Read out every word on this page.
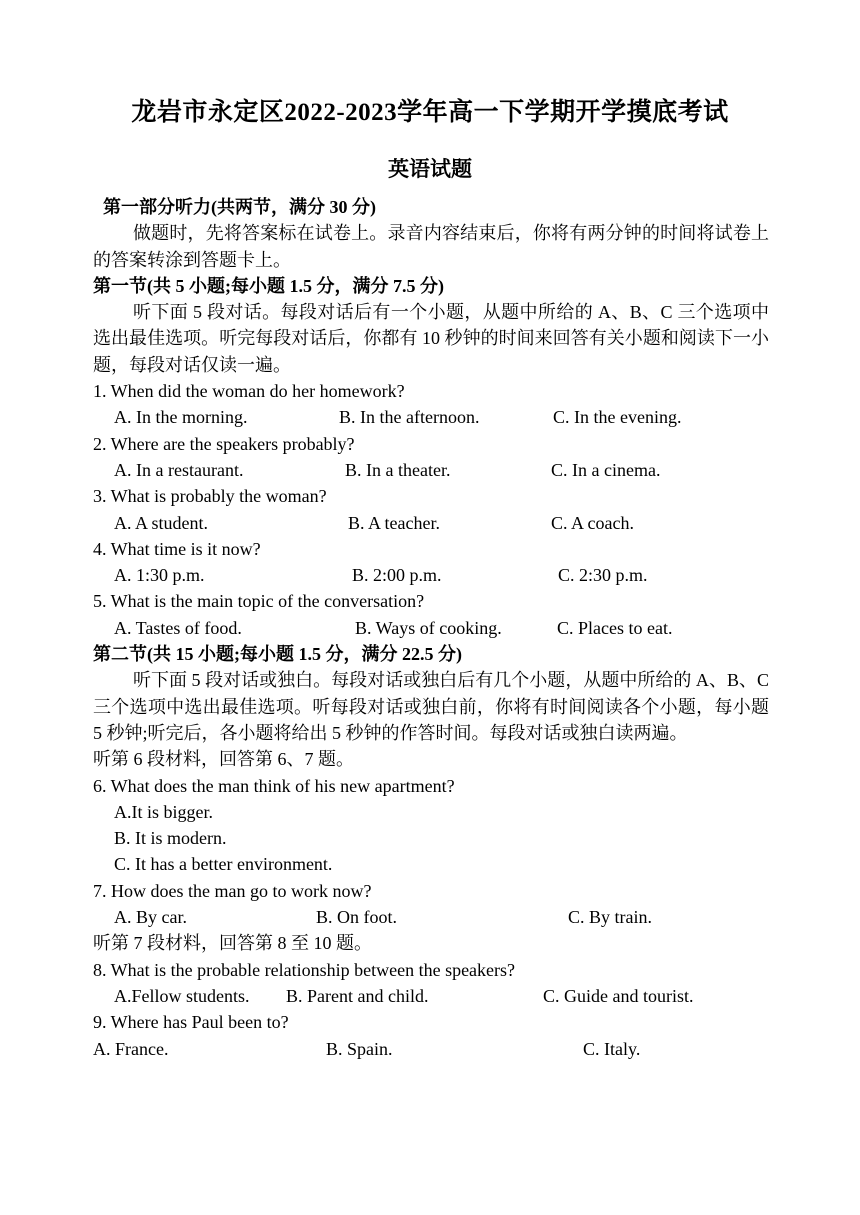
龙岩市永定区2022-2023学年高一下学期开学摸底考试
英语试题
第一部分听力(共两节，满分 30 分)
做题时，先将答案标在试卷上。录音内容结束后，你将有两分钟的时间将试卷上的答案转涂到答题卡上。
第一节(共 5 小题;每小题 1.5 分，满分 7.5 分)
听下面 5 段对话。每段对话后有一个小题，从题中所给的 A、B、C 三个选项中选出最佳选项。听完每段对话后，你都有 10 秒钟的时间来回答有关小题和阅读下一小题，每段对话仅读一遍。
1. When did the woman do her homework?
A. In the morning.	B. In the afternoon.	C. In the evening.
2. Where are the speakers probably?
A. In a restaurant.	B. In a theater.	C. In a cinema.
3. What is probably the woman?
A. A student.	B. A teacher.	C. A coach.
4. What time is it now?
A. 1:30 p.m.	B. 2:00 p.m.	C. 2:30 p.m.
5. What is the main topic of the conversation?
A. Tastes of food.	B. Ways of cooking.	C. Places to eat.
第二节(共 15 小题;每小题 1.5 分，满分 22.5 分)
听下面 5 段对话或独白。每段对话或独白后有几个小题，从题中所给的 A、B、C 三个选项中选出最佳选项。听每段对话或独白前，你将有时间阅读各个小题，每小题 5 秒钟;听完后，各小题将给出 5 秒钟的作答时间。每段对话或独白读两遍。
听第 6 段材料，回答第 6、7 题。
6. What does the man think of his new apartment?
A.It is bigger.
B. It is modern.
C. It has a better environment.
7. How does the man go to work now?
A. By car.	B. On foot.	C. By train.
听第 7 段材料，回答第 8 至 10 题。
8. What is the probable relationship between the speakers?
A.Fellow students.	B. Parent and child.	C. Guide and tourist.
9. Where has Paul been to?
A. France.	B. Spain.	C. Italy.
